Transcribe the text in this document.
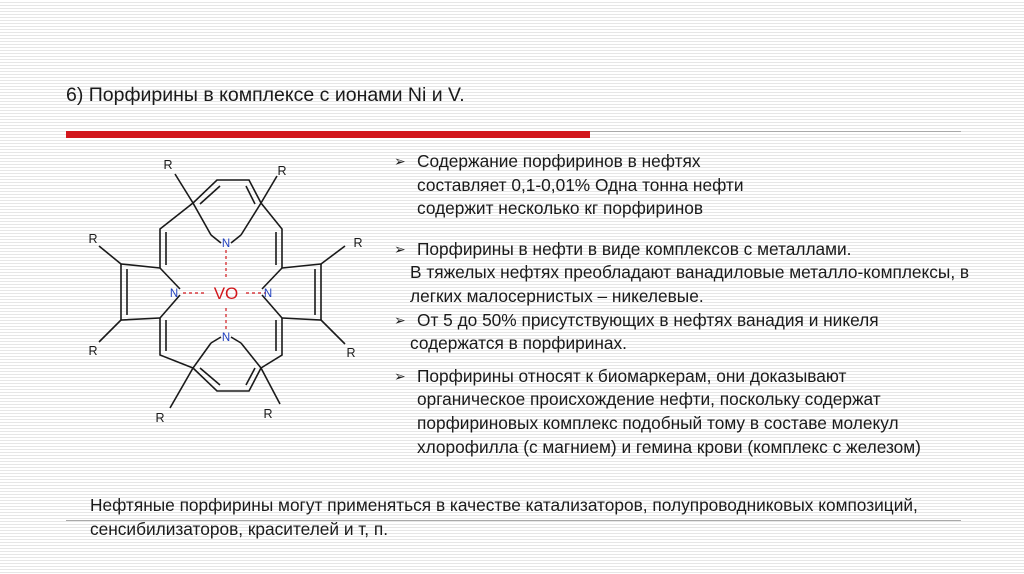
6) Порфирины в комплексе с ионами Ni и V.
N
N
N	N
VO
R	R
R	R
R	R
R	R
➢ Содержание порфиринов в нефтях составляет 0,1-0,01% Одна тонна нефти содержит несколько кг порфиринов
➢ Порфирины в нефти в виде комплексов с металлами.
В тяжелых нефтях преобладают ванадиловые металло-комплексы, в легких малосернистых – никелевые.
➢ От 5 до 50% присутствующих в нефтях ванадия и никеля
содержатся в порфиринах.
➢ Порфирины относят к биомаркерам, они доказывают
органическое происхождение нефти, поскольку содержат порфириновых комплекс подобный тому в составе молекул хлорофилла (с магнием) и гемина крови (комплекс с железом)
Нефтяные порфирины могут применяться в качестве катализаторов, полупроводниковых композиций, сенсибилизаторов, красителей и т, п.
